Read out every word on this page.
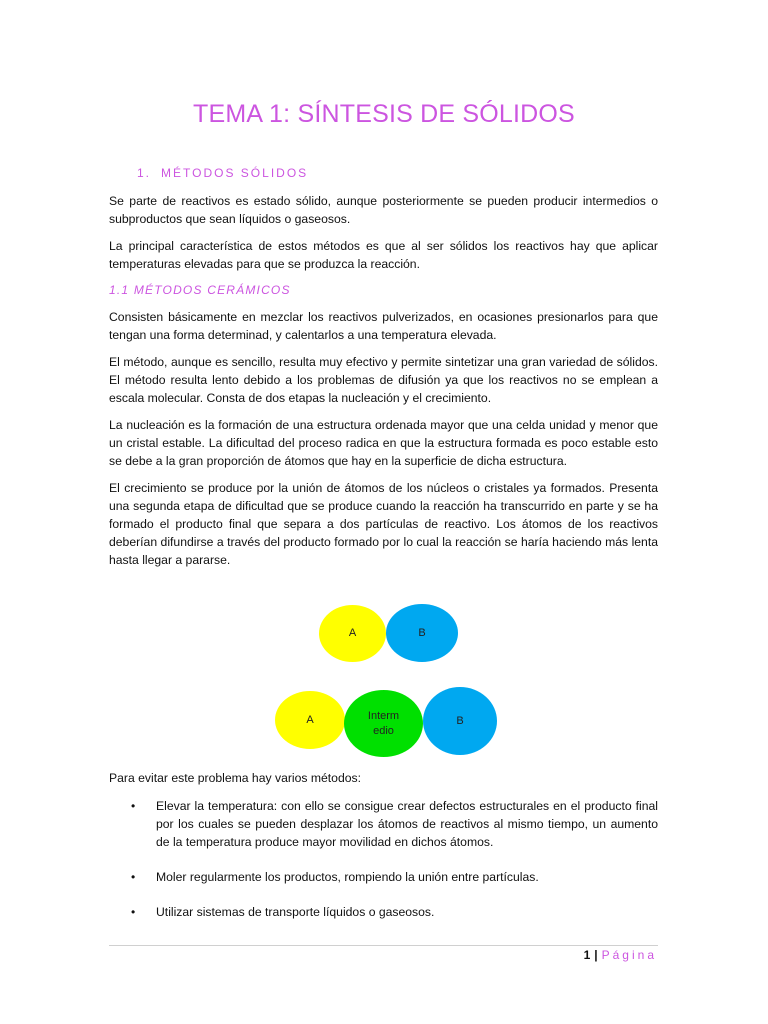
TEMA 1: SÍNTESIS DE SÓLIDOS
1. MÉTODOS SÓLIDOS
Se parte de reactivos es estado sólido, aunque posteriormente se pueden producir intermedios o subproductos que sean líquidos o gaseosos.
La principal característica de estos métodos es que al ser sólidos los reactivos hay que aplicar temperaturas elevadas para que se produzca la reacción.
1.1 MÉTODOS CERÁMICOS
Consisten básicamente en mezclar los reactivos pulverizados, en ocasiones presionarlos para que tengan una forma determinad, y calentarlos a una temperatura elevada.
El método, aunque es sencillo, resulta muy efectivo y permite sintetizar una gran variedad de sólidos. El método resulta lento debido a los problemas de difusión ya que los reactivos no se emplean a escala molecular. Consta de dos etapas la nucleación y el crecimiento.
La nucleación es la formación de una estructura ordenada mayor que una celda unidad y menor que un cristal estable. La dificultad del proceso radica en que la estructura formada es poco estable esto se debe a la gran proporción de átomos que hay en la superficie de dicha estructura.
El crecimiento se produce por la unión de átomos de los núcleos o cristales ya formados. Presenta una segunda etapa de dificultad que se produce cuando la reacción ha transcurrido en parte y se ha formado el producto final que separa a dos partículas de reactivo. Los átomos de los reactivos deberían difundirse a través del producto formado por lo cual la reacción se haría haciendo más lenta hasta llegar a pararse.
A	B
A	Interm
edio
B
Para evitar este problema hay varios métodos:
• Elevar la temperatura: con ello se consigue crear defectos estructurales en el producto final por los cuales se pueden desplazar los átomos de reactivos al mismo tiempo, un aumento de la temperatura produce mayor movilidad en dichos átomos.
• Moler regularmente los productos, rompiendo la unión entre partículas.
• Utilizar sistemas de transporte líquidos o gaseosos.
1 | Página
